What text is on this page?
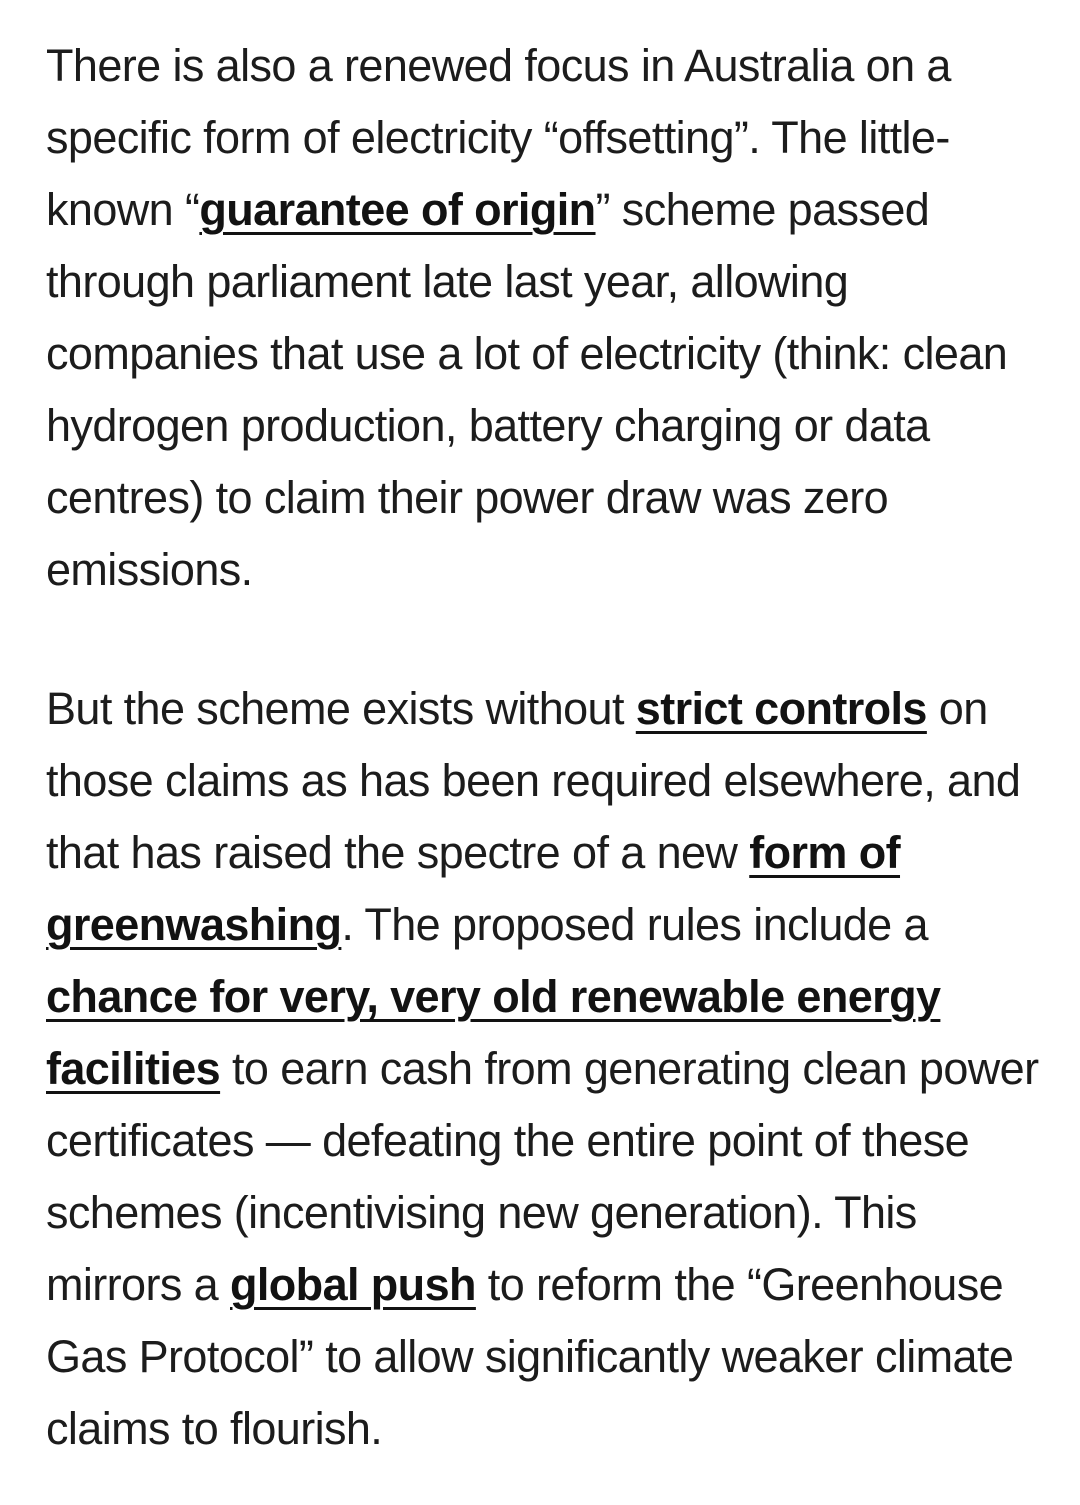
There is also a renewed focus in Australia on a specific form of electricity “offsetting”. The little-known “guarantee of origin” scheme passed through parliament late last year, allowing companies that use a lot of electricity (think: clean hydrogen production, battery charging or data centres) to claim their power draw was zero emissions.

But the scheme exists without strict controls on those claims as has been required elsewhere, and that has raised the spectre of a new form of greenwashing. The proposed rules include a chance for very, very old renewable energy facilities to earn cash from generating clean power certificates — defeating the entire point of these schemes (incentivising new generation). This mirrors a global push to reform the “Greenhouse Gas Protocol” to allow significantly weaker climate claims to flourish.
